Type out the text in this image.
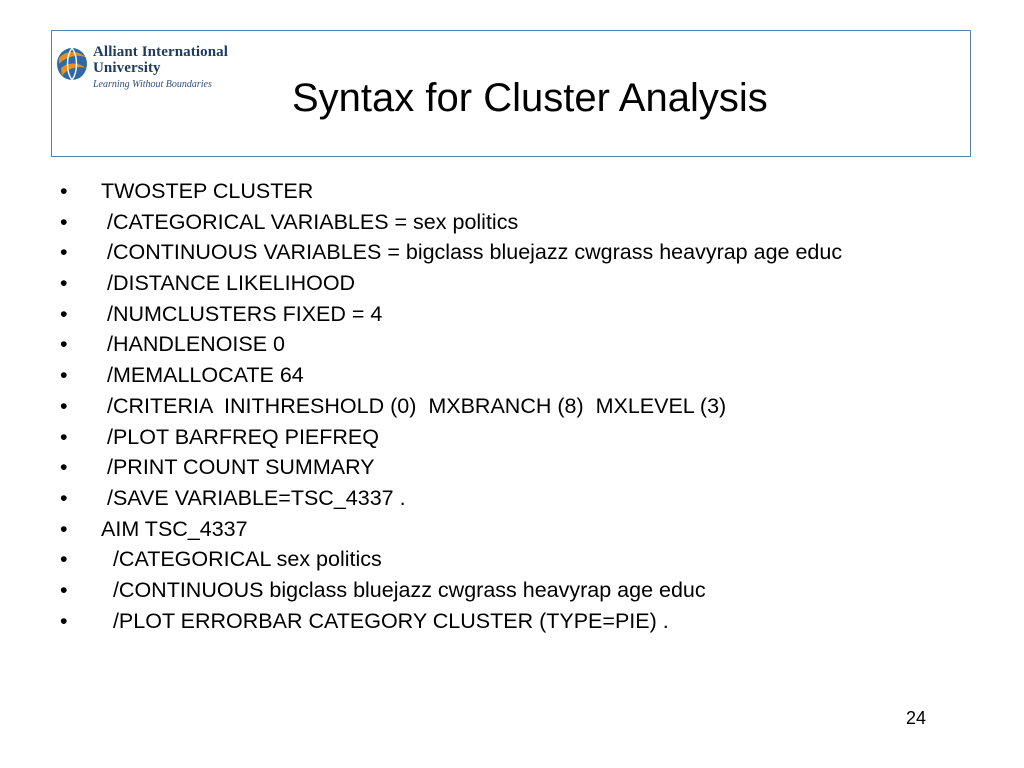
Alliant International
University
Learning Without Boundaries	Syntax for Cluster Analysis
•	TWOSTEP CLUSTER
•	/CATEGORICAL VARIABLES = sex politics
•	/CONTINUOUS VARIABLES = bigclass bluejazz cwgrass heavyrap age educ
•	/DISTANCE LIKELIHOOD
•	/NUMCLUSTERS FIXED = 4
•	/HANDLENOISE 0
•	/MEMALLOCATE 64
•	/CRITERIA  INITHRESHOLD (0)  MXBRANCH (8)  MXLEVEL (3)
•	/PLOT BARFREQ PIEFREQ
•	/PRINT COUNT SUMMARY
•	/SAVE VARIABLE=TSC_4337 .
•	AIM TSC_4337
•	/CATEGORICAL sex politics
•	/CONTINUOUS bigclass bluejazz cwgrass heavyrap age educ
•	/PLOT ERRORBAR CATEGORY CLUSTER (TYPE=PIE) .
24
